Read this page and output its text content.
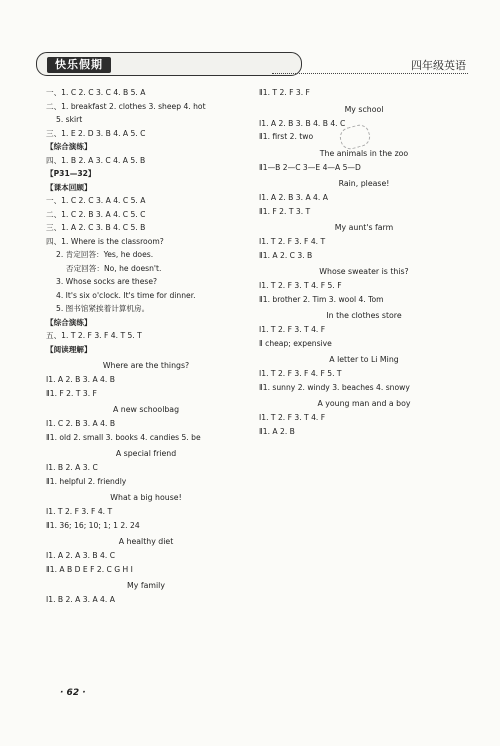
快乐假期	四年级英语
一、1. C 2. C 3. C 4. B 5. A
二、1. breakfast 2. clothes 3. sheep 4. hot
5. skirt
三、1. E 2. D 3. B 4. A 5. C
【综合演练】
四、1. B 2. A 3. C 4. A 5. B
【P31—32】
【课本回顾】
一、1. C 2. C 3. A 4. C 5. A
二、1. C 2. B 3. A 4. C 5. C
三、1. A 2. C 3. B 4. C 5. B
四、1. Where is the classroom?
2. 肯定回答：Yes, he does.
否定回答：No, he doesn't.
3. Whose socks are these?
4. It's six o'clock. It's time for dinner.
5. 图书馆紧挨着计算机房。
【综合演练】
五、1. T 2. F 3. F 4. T 5. T
【阅读理解】
Where are the things?
Ⅰ1. A 2. B 3. A 4. B
Ⅱ1. F 2. T 3. F
A new schoolbag
Ⅰ1. C 2. B 3. A 4. B
Ⅱ1. old 2. small 3. books 4. candies 5. be
A special friend
Ⅰ1. B 2. A 3. C
Ⅱ1. helpful 2. friendly
What a big house!
Ⅰ1. T 2. F 3. F 4. T
Ⅱ1. 36; 16; 10; 1; 1 2. 24
A healthy diet
Ⅰ1. A 2. A 3. B 4. C
Ⅱ1. A B D E F 2. C G H I
My family
Ⅰ1. B 2. A 3. A 4. A
Ⅱ1. T 2. F 3. F
My school
Ⅰ1. A 2. B 3. B 4. B 4. C
Ⅱ1. first 2. two
The animals in the zoo
Ⅱ1—B 2—C 3—E 4—A 5—D
Rain, please!
Ⅰ1. A 2. B 3. A 4. A
Ⅱ1. F 2. T 3. T
My aunt's farm
Ⅰ1. T 2. F 3. F 4. T
Ⅱ1. A 2. C 3. B
Whose sweater is this?
Ⅰ1. T 2. F 3. T 4. F 5. F
Ⅱ1. brother 2. Tim 3. wool 4. Tom
In the clothes store
Ⅰ1. T 2. F 3. T 4. F
Ⅱ cheap; expensive
A letter to Li Ming
Ⅰ1. T 2. F 3. F 4. F 5. T
Ⅱ1. sunny 2. windy 3. beaches 4. snowy
A young man and a boy
Ⅰ1. T 2. F 3. T 4. F
Ⅱ1. A 2. B
· 62 ·
